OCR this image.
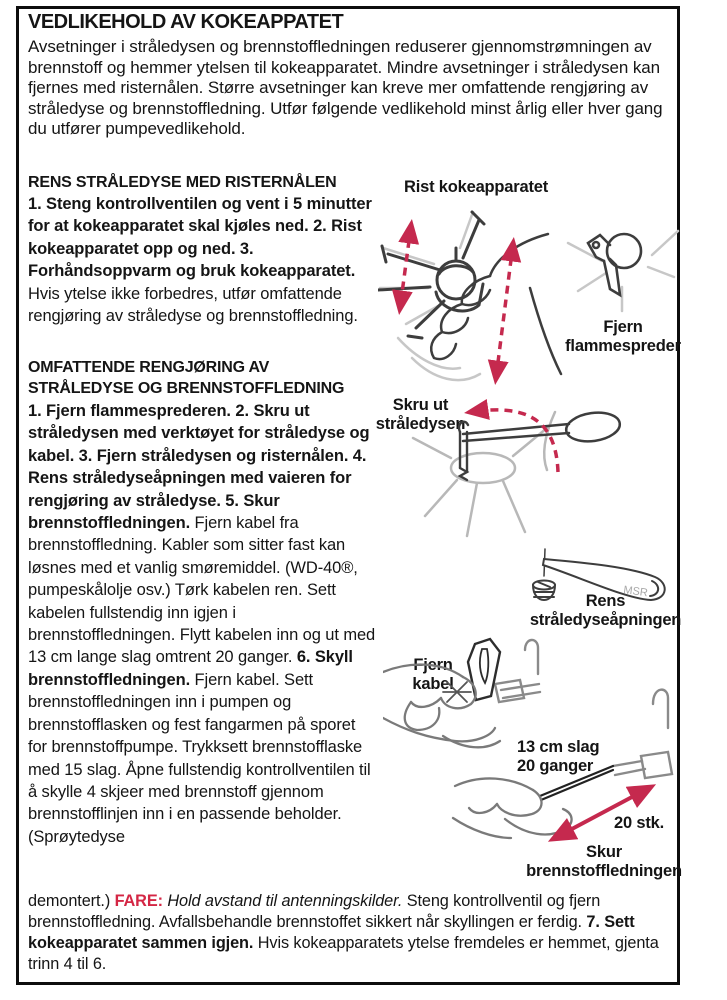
VEDLIKEHOLD AV KOKEAPPATET
Avsetninger i stråledysen og brennstoffledningen reduserer gjennomstrømningen av brennstoff og hemmer ytelsen til kokeapparatet. Mindre avsetninger i stråledysen kan fjernes med risternålen. Større avsetninger kan kreve mer omfattende rengjøring av stråledyse og brennstoffledning. Utfør følgende vedlikehold minst årlig eller hver gang du utfører pumpevedlikehold.
RENS STRÅLEDYSE MED RISTERNÅLEN
1. Steng kontrollventilen og vent i 5 minutter for at kokeapparatet skal kjøles ned. 2. Rist kokeapparatet opp og ned. 3. Forhåndsoppvarm og bruk kokeapparatet. Hvis ytelse ikke forbedres, utfør omfattende rengjøring av stråledyse og brennstoffledning.
OMFATTENDE RENGJØRING AV STRÅLEDYSE OG BRENNSTOFFLEDNING
1. Fjern flammesprederen. 2. Skru ut stråledysen med verktøyet for stråledyse og kabel. 3. Fjern stråledysen og risternålen. 4. Rens stråledyseåpningen med vaieren for rengjøring av stråledyse. 5. Skur brennstoffledningen. Fjern kabel fra brennstoffledning. Kabler som sitter fast kan løsnes med et vanlig smøremiddel. (WD-40®, pumpeskålolje osv.) Tørk kabelen ren. Sett kabelen fullstendig inn igjen i brennstoffledningen. Flytt kabelen inn og ut med 13 cm lange slag omtrent 20 ganger. 6. Skyll brennstoffledningen. Fjern kabel. Sett brennstoffledningen inn i pumpen og brennstofflasken og fest fangarmen på sporet for brennstoffpumpe. Trykksett brennstofflaske med 15 slag. Åpne fullstendig kontrollventilen til å skylle 4 skjeer med brennstoff gjennom brennstofflinjen inn i en passende beholder. (Sprøytedyse
demontert.) FARE: Hold avstand til antenningskilder. Steng kontrollventil og fjern brennstoffledning. Avfallsbehandle brennstoffet sikkert når skyllingen er ferdig. 7. Sett kokeapparatet sammen igjen. Hvis kokeapparatets ytelse fremdeles er hemmet, gjenta trinn 4 til 6.
Rist kokeapparatet
Fjern flammespreder
Skru ut stråledysen
MSR
Rens stråledyseåpningen
Fjern kabel
13 cm slag
20 ganger
20 stk.
Skur brennstoffledningen
